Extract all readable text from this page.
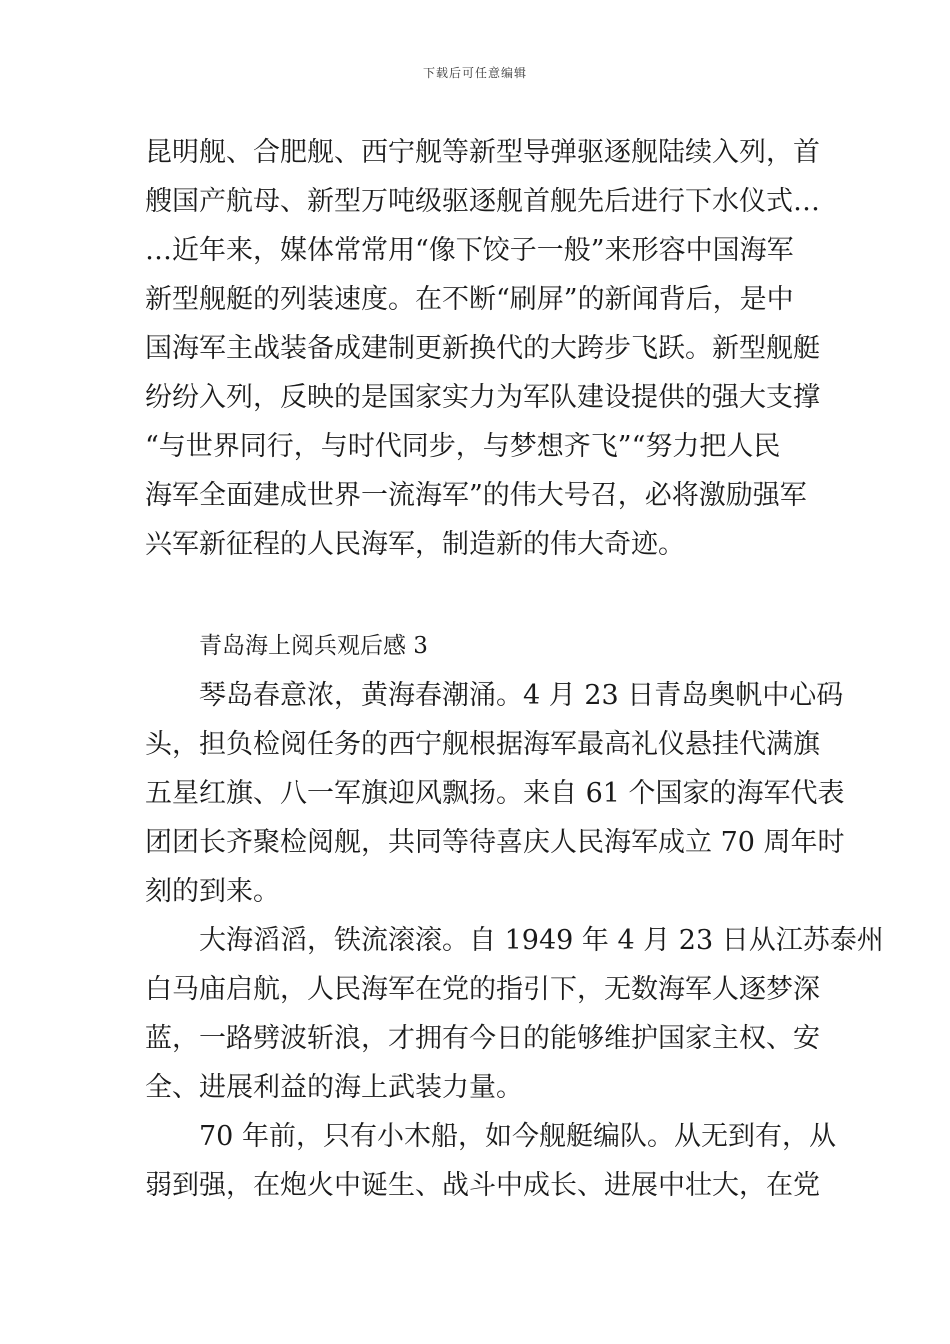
下载后可任意编辑
昆明舰、合肥舰、西宁舰等新型导弹驱逐舰陆续入列，首
艘国产航母、新型万吨级驱逐舰首舰先后进行下水仪式…
…近年来，媒体常常用“像下饺子一般”来形容中国海军
新型舰艇的列装速度。在不断“刷屏”的新闻背后，是中
国海军主战装备成建制更新换代的大跨步飞跃。新型舰艇
纷纷入列，反映的是国家实力为军队建设提供的强大支撑
“与世界同行，与时代同步，与梦想齐飞”“努力把人民
海军全面建成世界一流海军”的伟大号召，必将激励强军
兴军新征程的人民海军，制造新的伟大奇迹。
青岛海上阅兵观后感 3
琴岛春意浓，黄海春潮涌。4 月 23 日青岛奥帆中心码
头，担负检阅任务的西宁舰根据海军最高礼仪悬挂代满旗
五星红旗、八一军旗迎风飘扬。来自 61 个国家的海军代表
团团长齐聚检阅舰，共同等待喜庆人民海军成立 70 周年时
刻的到来。
大海滔滔，铁流滚滚。自 1949 年 4 月 23 日从江苏泰州
白马庙启航，人民海军在党的指引下，无数海军人逐梦深
蓝，一路劈波斩浪，才拥有今日的能够维护国家主权、安
全、进展利益的海上武装力量。
70 年前，只有小木船，如今舰艇编队。从无到有，从
弱到强，在炮火中诞生、战斗中成长、进展中壮大，在党
